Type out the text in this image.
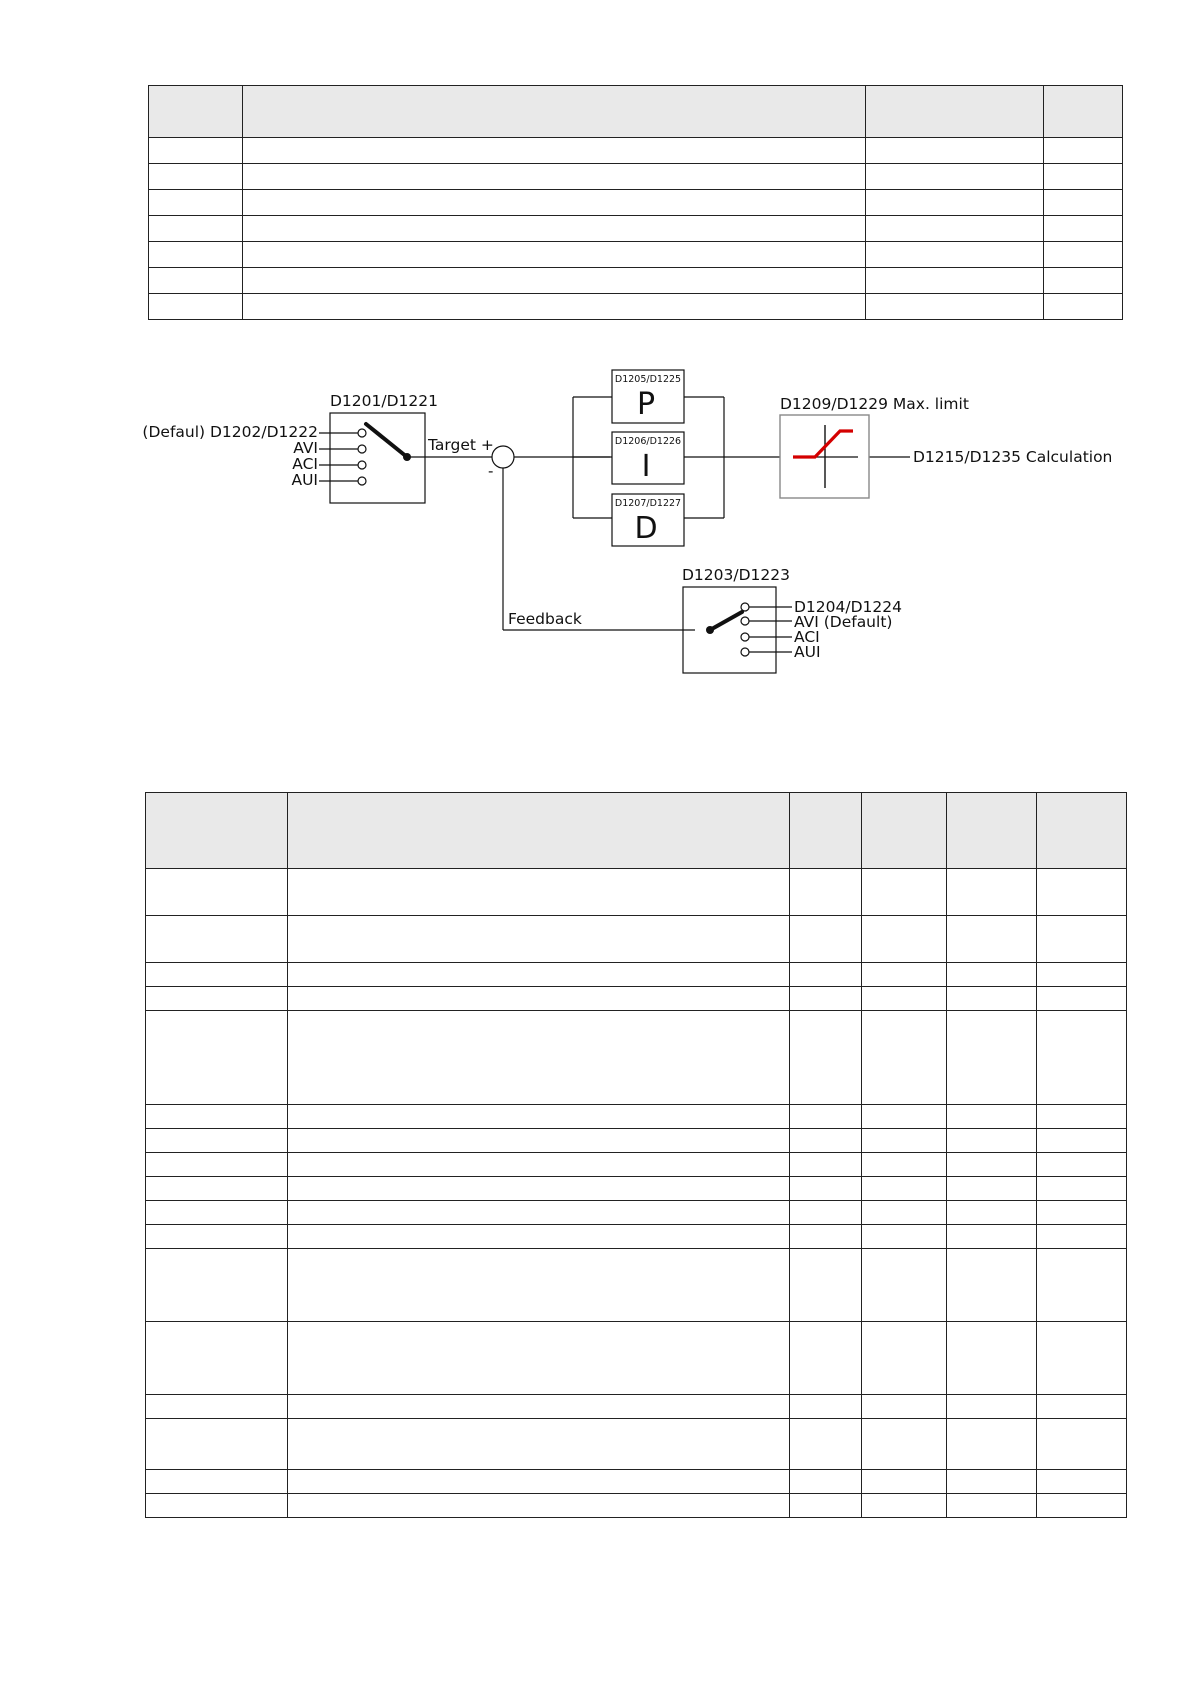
D1205/D1225
P
D1206/D1226
I
D1207/D1227
D
D1201/D1221
(Defaul) D1202/D1222
AVI
ACI
AUI
Target +
-
D1209/D1229 Max. limit
D1215/D1235 Calculation
Feedback
D1203/D1223
D1204/D1224
AVI (Default)
ACI
AUI
